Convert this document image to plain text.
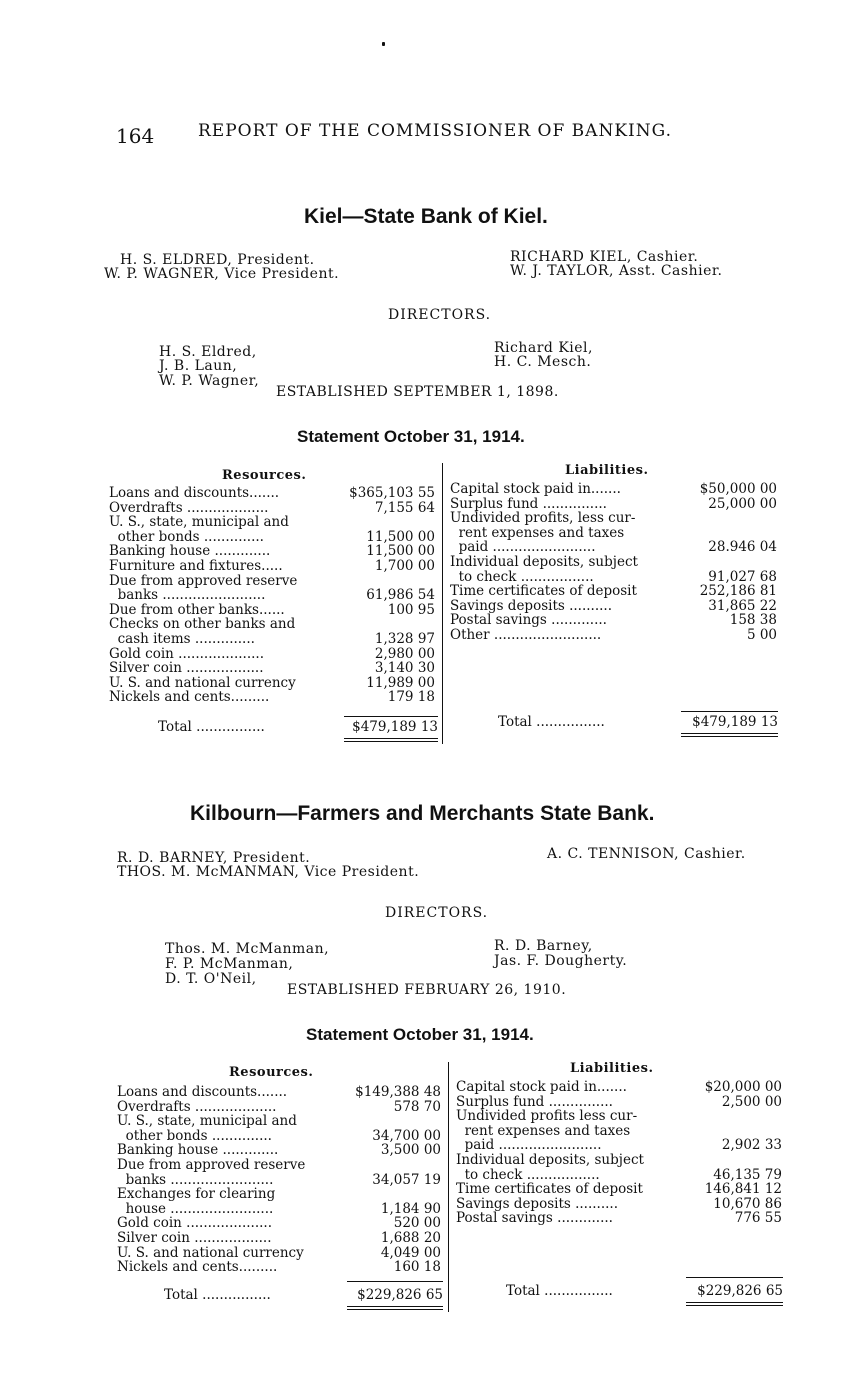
164	REPORT OF THE COMMISSIONER OF BANKING.
Kiel—State Bank of Kiel.
H. S. ELDRED, President.
W. P. WAGNER, Vice President.
RICHARD KIEL, Cashier.
W. J. TAYLOR, Asst. Cashier.
DIRECTORS.
H. S. Eldred,
J. B. Laun,
W. P. Wagner,
Richard Kiel,
H. C. Mesch.
ESTABLISHED SEPTEMBER 1, 1898.
Statement October 31, 1914.
Resources.	Liabilities.
Loans and discounts.......	$365,103 55
Overdrafts ...................	7,155 64
U. S., state, municipal and
other bonds ..............	11,500 00
Banking house .............	11,500 00
Furniture and fixtures.....	1,700 00
Due from approved reserve
banks ........................	61,986 54
Due from other banks......	100 95
Checks on other banks and
cash items ..............	1,328 97
Gold coin ....................	2,980 00
Silver coin ..................	3,140 30
U. S. and national currency	11,989 00
Nickels and cents.........	179 18
Capital stock paid in.......	$50,000 00
Surplus fund ...............	25,000 00
Undivided profits, less cur-
rent expenses and taxes
paid ........................	28.946 04
Individual deposits, subject
to check .................	91,027 68
Time certificates of deposit	252,186 81
Savings deposits ..........	31,865 22
Postal savings .............	158 38
Other .........................	5 00
Total ................	$479,189 13	Total ................	$479,189 13
Kilbourn—Farmers and Merchants State Bank.
R. D. BARNEY, President.
THOS. M. McMANMAN, Vice President.
A. C. TENNISON, Cashier.
DIRECTORS.
Thos. M. McManman,
F. P. McManman,
D. T. O'Neil,
R. D. Barney,
Jas. F. Dougherty.
ESTABLISHED FEBRUARY 26, 1910.
Statement October 31, 1914.
Resources.	Liabilities.
Loans and discounts.......	$149,388 48
Overdrafts ...................	578 70
U. S., state, municipal and
other bonds ..............	34,700 00
Banking house .............	3,500 00
Due from approved reserve
banks ........................	34,057 19
Exchanges for clearing
house ........................	1,184 90
Gold coin ....................	520 00
Silver coin ..................	1,688 20
U. S. and national currency	4,049 00
Nickels and cents.........	160 18
Capital stock paid in.......	$20,000 00
Surplus fund ...............	2,500 00
Undivided profits less cur-
rent expenses and taxes
paid ........................	2,902 33
Individual deposits, subject
to check .................	46,135 79
Time certificates of deposit	146,841 12
Savings deposits ..........	10,670 86
Postal savings .............	776 55
Total ................	$229,826 65	Total ................	$229,826 65
